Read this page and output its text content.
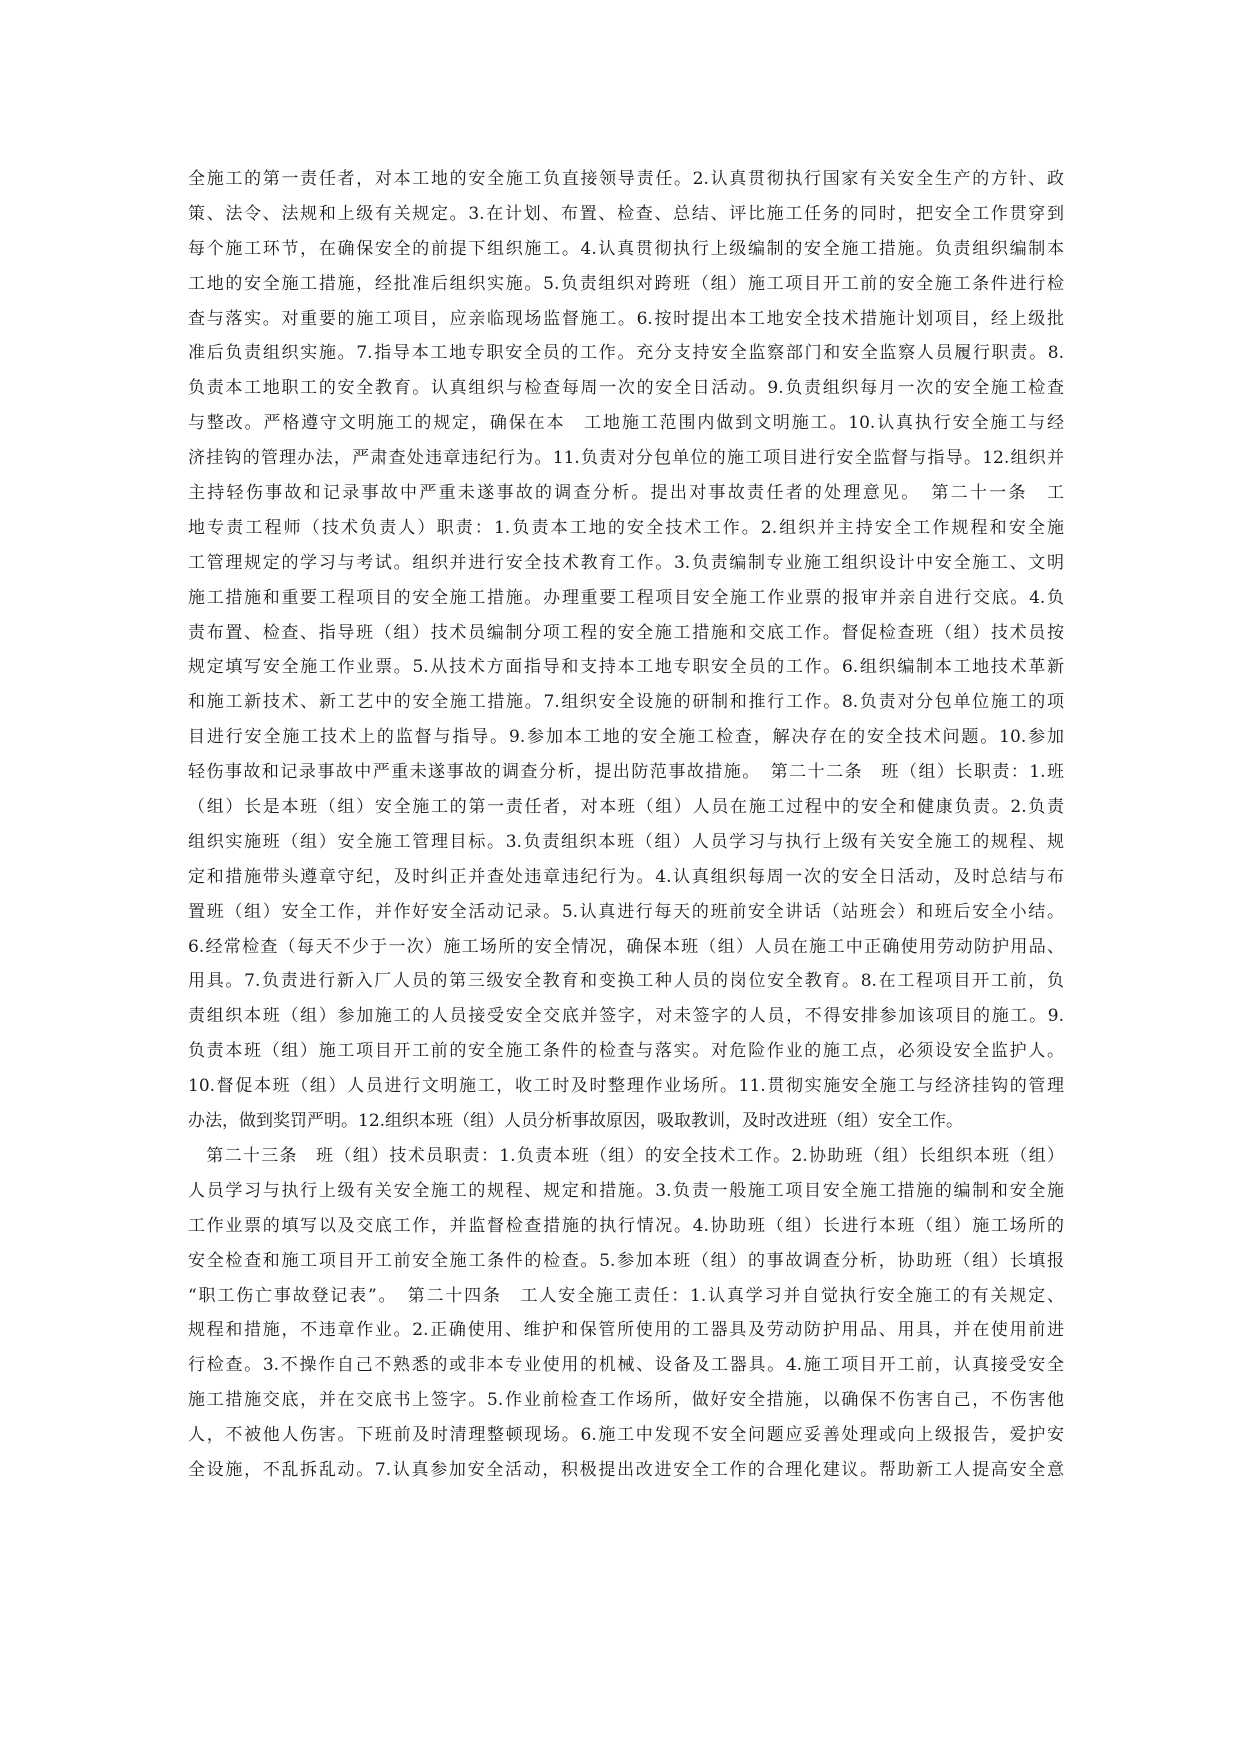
全施工的第一责任者，对本工地的安全施工负直接领导责任。2.认真贯彻执行国家有关安全生产的方针、政
策、法令、法规和上级有关规定。3.在计划、布置、检查、总结、评比施工任务的同时，把安全工作贯穿到
每个施工环节，在确保安全的前提下组织施工。4.认真贯彻执行上级编制的安全施工措施。负责组织编制本
工地的安全施工措施，经批准后组织实施。5.负责组织对跨班（组）施工项目开工前的安全施工条件进行检
查与落实。对重要的施工项目，应亲临现场监督施工。6.按时提出本工地安全技术措施计划项目，经上级批
准后负责组织实施。7.指导本工地专职安全员的工作。充分支持安全监察部门和安全监察人员履行职责。8.
负责本工地职工的安全教育。认真组织与检查每周一次的安全日活动。9.负责组织每月一次的安全施工检查
与整改。严格遵守文明施工的规定，确保在本　工地施工范围内做到文明施工。10.认真执行安全施工与经
济挂钩的管理办法，严肃查处违章违纪行为。11.负责对分包单位的施工项目进行安全监督与指导。12.组织并
主持轻伤事故和记录事故中严重未遂事故的调查分析。提出对事故责任者的处理意见。　第二十一条　工
地专责工程师（技术负责人）职责：1.负责本工地的安全技术工作。2.组织并主持安全工作规程和安全施
工管理规定的学习与考试。组织并进行安全技术教育工作。3.负责编制专业施工组织设计中安全施工、文明
施工措施和重要工程项目的安全施工措施。办理重要工程项目安全施工作业票的报审并亲自进行交底。4.负
责布置、检查、指导班（组）技术员编制分项工程的安全施工措施和交底工作。督促检查班（组）技术员按
规定填写安全施工作业票。5.从技术方面指导和支持本工地专职安全员的工作。6.组织编制本工地技术革新
和施工新技术、新工艺中的安全施工措施。7.组织安全设施的研制和推行工作。8.负责对分包单位施工的项
目进行安全施工技术上的监督与指导。9.参加本工地的安全施工检查，解决存在的安全技术问题。10.参加
轻伤事故和记录事故中严重未遂事故的调查分析，提出防范事故措施。　第二十二条　班（组）长职责：1.班
（组）长是本班（组）安全施工的第一责任者，对本班（组）人员在施工过程中的安全和健康负责。2.负责
组织实施班（组）安全施工管理目标。3.负责组织本班（组）人员学习与执行上级有关安全施工的规程、规
定和措施带头遵章守纪，及时纠正并查处违章违纪行为。4.认真组织每周一次的安全日活动，及时总结与布
置班（组）安全工作，并作好安全活动记录。5.认真进行每天的班前安全讲话（站班会）和班后安全小结。
6.经常检查（每天不少于一次）施工场所的安全情况，确保本班（组）人员在施工中正确使用劳动防护用品、
用具。7.负责进行新入厂人员的第三级安全教育和变换工种人员的岗位安全教育。8.在工程项目开工前，负
责组织本班（组）参加施工的人员接受安全交底并签字，对未签字的人员，不得安排参加该项目的施工。9.
负责本班（组）施工项目开工前的安全施工条件的检查与落实。对危险作业的施工点，必须设安全监护人。
10.督促本班（组）人员进行文明施工，收工时及时整理作业场所。11.贯彻实施安全施工与经济挂钩的管理
办法，做到奖罚严明。12.组织本班（组）人员分析事故原因，吸取教训，及时改进班（组）安全工作。
　第二十三条　班（组）技术员职责：1.负责本班（组）的安全技术工作。2.协助班（组）长组织本班（组）
人员学习与执行上级有关安全施工的规程、规定和措施。3.负责一般施工项目安全施工措施的编制和安全施
工作业票的填写以及交底工作，并监督检查措施的执行情况。4.协助班（组）长进行本班（组）施工场所的
安全检查和施工项目开工前安全施工条件的检查。5.参加本班（组）的事故调查分析，协助班（组）长填报
“职工伤亡事故登记表”。　第二十四条　工人安全施工责任：1.认真学习并自觉执行安全施工的有关规定、
规程和措施，不违章作业。2.正确使用、维护和保管所使用的工器具及劳动防护用品、用具，并在使用前进
行检查。3.不操作自己不熟悉的或非本专业使用的机械、设备及工器具。4.施工项目开工前，认真接受安全
施工措施交底，并在交底书上签字。5.作业前检查工作场所，做好安全措施，以确保不伤害自己，不伤害他
人，不被他人伤害。下班前及时清理整顿现场。6.施工中发现不安全问题应妥善处理或向上级报告，爱护安
全设施，不乱拆乱动。7.认真参加安全活动，积极提出改进安全工作的合理化建议。帮助新工人提高安全意
